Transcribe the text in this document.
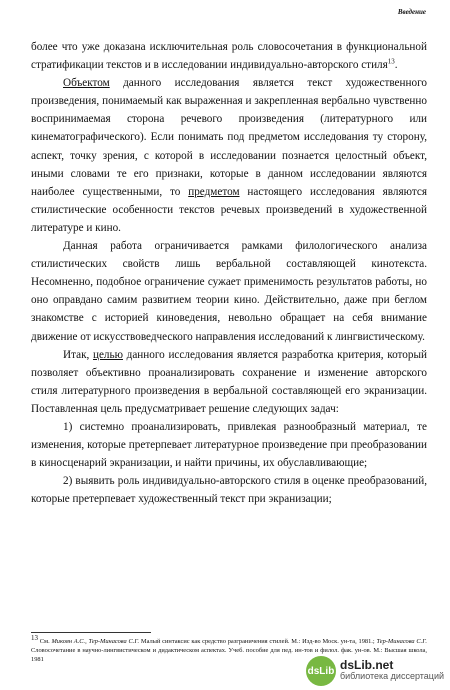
Введение

более что уже доказана исключительная роль словосочетания в функциональной стратификации текстов и в исследовании индивидуально-авторского стиля$^{13}$.

Объектом данного исследования является текст художественного произведения, понимаемый как выраженная и закрепленная вербально чувственно воспринимаемая сторона речевого произведения (литературного или кинематографического). Если понимать под предметом исследования ту сторону, аспект, точку зрения, с которой в исследовании познается целостный объект, иными словами те его признаки, которые в данном исследовании являются наиболее существенными, то предметом настоящего исследования являются стилистические особенности текстов речевых произведений в художественной литературе и кино.

Данная работа ограничивается рамками филологического анализа стилистических свойств лишь вербальной составляющей кинотекста. Несомненно, подобное ограничение сужает применимость результатов работы, но оно оправдано самим развитием теории кино. Действительно, даже при беглом знакомстве с историей киноведения, невольно обращает на себя внимание движение от искусствоведческого направления исследований к лингвистическому.

Итак, целью данного исследования является разработка критерия, который позволяет объективно проанализировать сохранение и изменение авторского стиля литературного произведения в вербальной составляющей его экранизации. Поставленная цель предусматривает решение следующих задач:

1) системно проанализировать, привлекая разнообразный материал, те изменения, которые претерпевает литературное произведение при преобразовании в киносценарий экранизации, и найти причины, их обуславливающие;

2) выявить роль индивидуально-авторского стиля в оценке преобразований, которые претерпевает художественный текст при экранизации;

$^{13}$ См. Микоян А.С., Тер-Минасова С.Г. Малый синтаксис как средство разграничения стилей. М.: Изд-во Моск. ун-та, 1981.; Тер-Минасова С.Г. Словосочетание в научно-лингвистическом и дидактическом аспектах. Учеб. пособие для пед. ин-тов и филол. фак. ун-ов. М.: Высшая школа, 1981
dsLib dsLib.net
библиотека диссертаций
